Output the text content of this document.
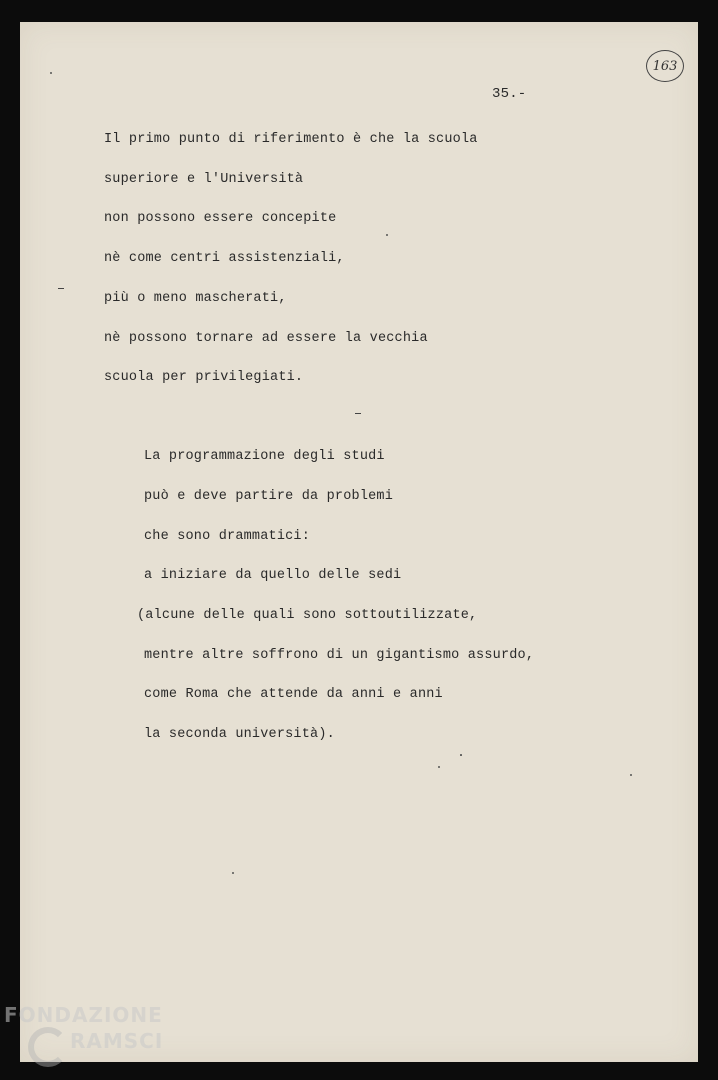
163
35.-
Il primo punto di riferimento è che la scuola
superiore e l'Università
non possono essere concepite
nè come centri assistenziali,
più o meno mascherati,
nè possono tornare ad essere la vecchia
scuola per privilegiati.
La programmazione degli studi
può e deve partire da problemi
che sono drammatici:
a iniziare da quello delle sedi
(alcune delle quali sono sottoutilizzate,
mentre altre soffrono di un gigantismo assurdo,
come Roma che attende da anni e anni
la seconda università).
FONDAZIONE
RAMSCI
